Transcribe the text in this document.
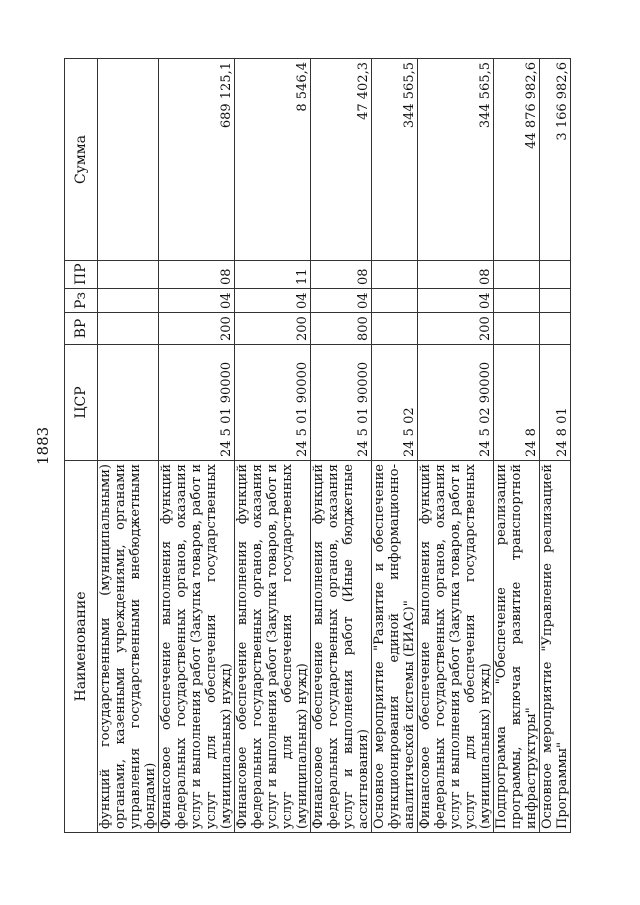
1883
Наименование	ЦСР	ВР	Рз	ПР	Сумма
функций государственными (муниципальными) органами, казенными учреждениями, органами управления государственными внебюджетными фондами)					
Финансовое обеспечение выполнения функций федеральных государственных органов, оказания услуг и выполнения работ (Закупка товаров, работ и услуг для обеспечения государственных (муниципальных) нужд)	24 5 01 90000	200	04	08	689 125,1
Финансовое обеспечение выполнения функций федеральных государственных органов, оказания услуг и выполнения работ (Закупка товаров, работ и услуг для обеспечения государственных (муниципальных) нужд)	24 5 01 90000	200	04	11	8 546,4
Финансовое обеспечение выполнения функций федеральных государственных органов, оказания услуг и выполнения работ (Иные бюджетные ассигнования)	24 5 01 90000	800	04	08	47 402,3
Основное мероприятие "Развитие и обеспечение функционирования единой информационно-аналитической системы (ЕИАС)"	24 5 02				344 565,5
Финансовое обеспечение выполнения функций федеральных государственных органов, оказания услуг и выполнения работ (Закупка товаров, работ и услуг для обеспечения государственных (муниципальных) нужд)	24 5 02 90000	200	04	08	344 565,5
Подпрограмма "Обеспечение реализации программы, включая развитие транспортной инфраструктуры"	24 8				44 876 982,6
Основное мероприятие "Управление реализацией Программы"	24 8 01				3 166 982,6
